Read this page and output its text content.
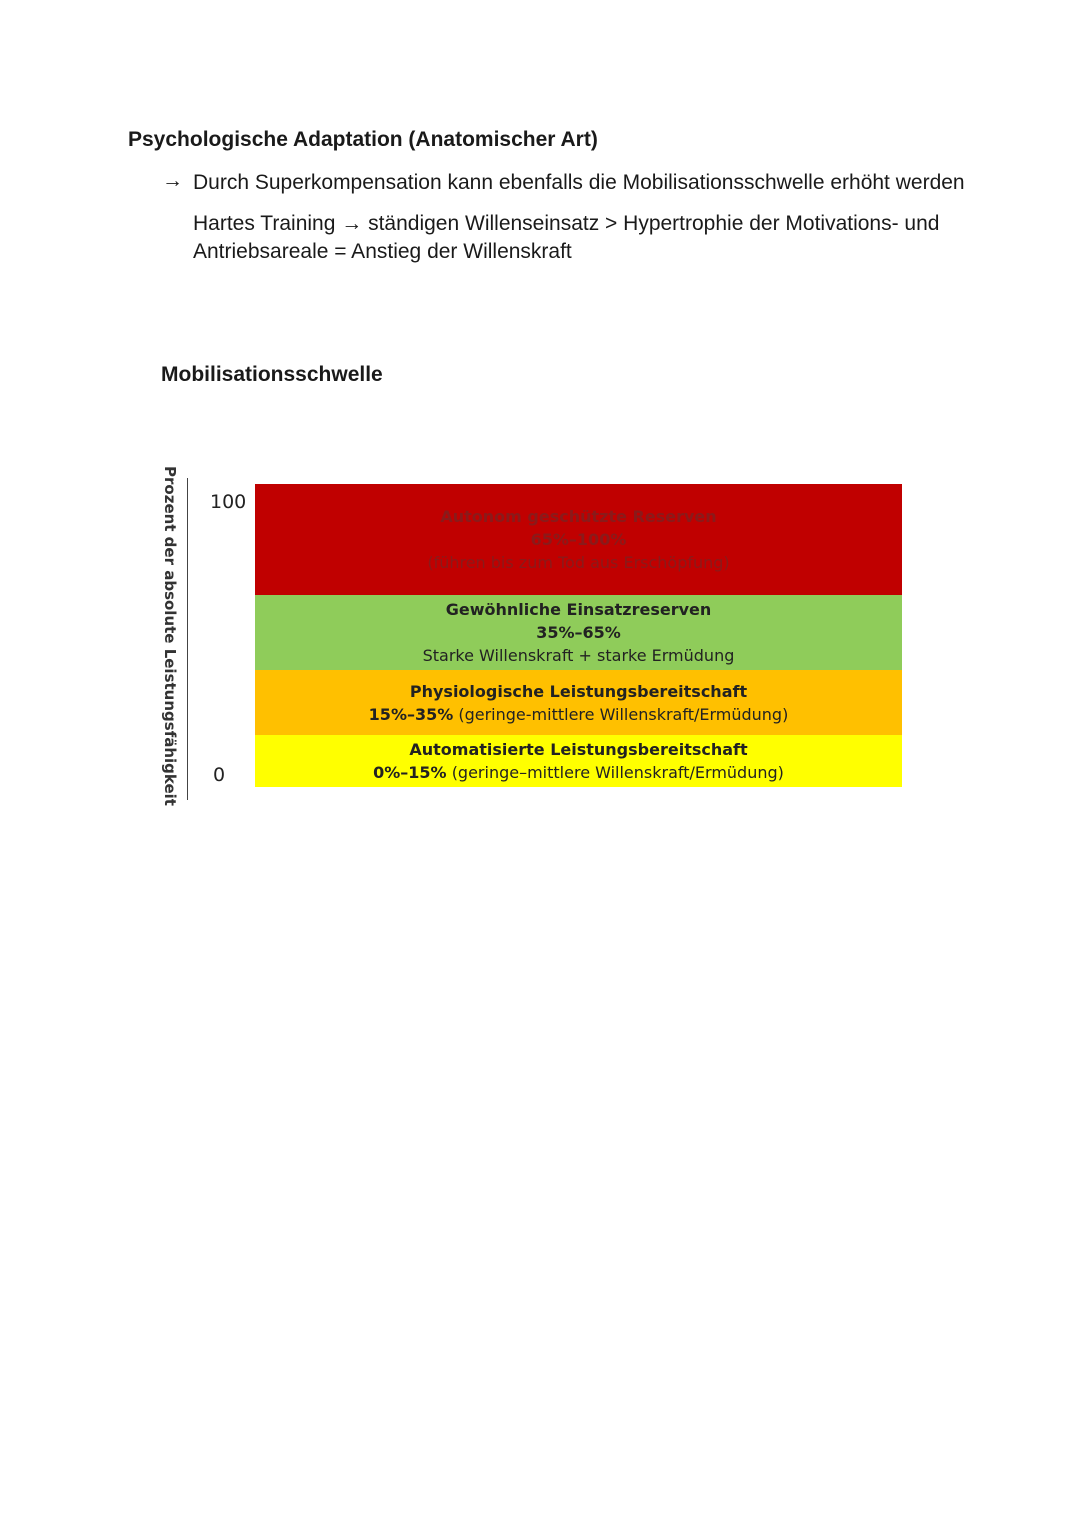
Psychologische Adaptation (Anatomischer Art)
→ Durch Superkompensation kann ebenfalls die Mobilisationsschwelle erhöht werden
Hartes Training → ständigen Willenseinsatz > Hypertrophie der Motivations- und
Antriebsareale = Anstieg der Willenskraft
Mobilisationsschwelle
Prozent der absolute Leistungsfähigkeit 100
0
Autonom geschützte Reserven
65%–100%
(führen bis zum Tod aus Erschöpfung)
Gewöhnliche Einsatzreserven
35%–65%
Starke Willenskraft + starke Ermüdung
Physiologische Leistungsbereitschaft
15%–35% (geringe-mittlere Willenskraft/Ermüdung)
Automatisierte Leistungsbereitschaft
0%–15% (geringe–mittlere Willenskraft/Ermüdung)
